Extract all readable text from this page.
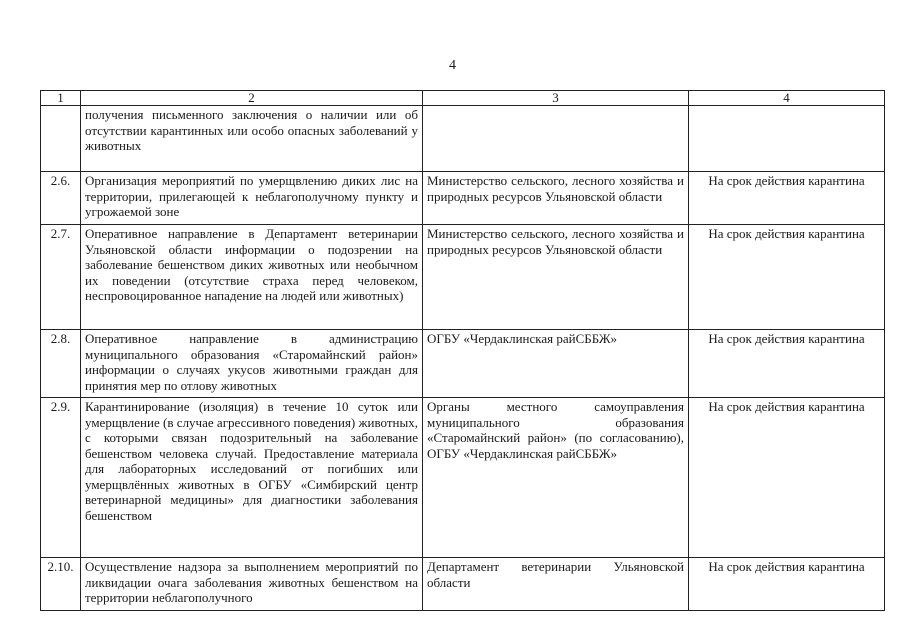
4
1	2	3	4
	получения письменного заключения о наличии или об отсутствии карантинных или особо опасных заболеваний у животных		
2.6.	Организация мероприятий по умерщвлению диких лис на территории, прилегающей к неблагополучному пункту и угрожаемой зоне	Министерство сельского, лесного хозяйства и природных ресурсов Ульяновской области	На срок действия карантина
2.7.	Оперативное направление в Департамент ветеринарии Ульяновской области информации о подозрении на заболевание бешенством диких животных или необычном их поведении (отсутствие страха перед человеком, неспровоцированное нападение на людей или животных)	Министерство сельского, лесного хозяйства и природных ресурсов Ульяновской области	На срок действия карантина
2.8.	Оперативное направление в администрацию муниципального образования «Старомайнский район» информации о случаях укусов животными граждан для принятия мер по отлову животных	ОГБУ «Чердаклинская райСББЖ»	На срок действия карантина
2.9.	Карантинирование (изоляция) в течение 10 суток или умерщвление (в случае агрессивного поведения) животных, с которыми связан подозрительный на заболевание бешенством человека случай. Предоставление материала для лабораторных исследований от погибших или умерщвлённых животных в ОГБУ «Симбирский центр ветеринарной медицины» для диагностики заболевания бешенством	Органы местного самоуправления муниципального образования «Старомайнский район» (по согласованию), ОГБУ «Чердаклинская райСББЖ»	На срок действия карантина
2.10.	Осуществление надзора за выполнением мероприятий по ликвидации очага заболевания животных бешенством на территории неблагополучного	Департамент ветеринарии Ульяновской области	На срок действия карантина
